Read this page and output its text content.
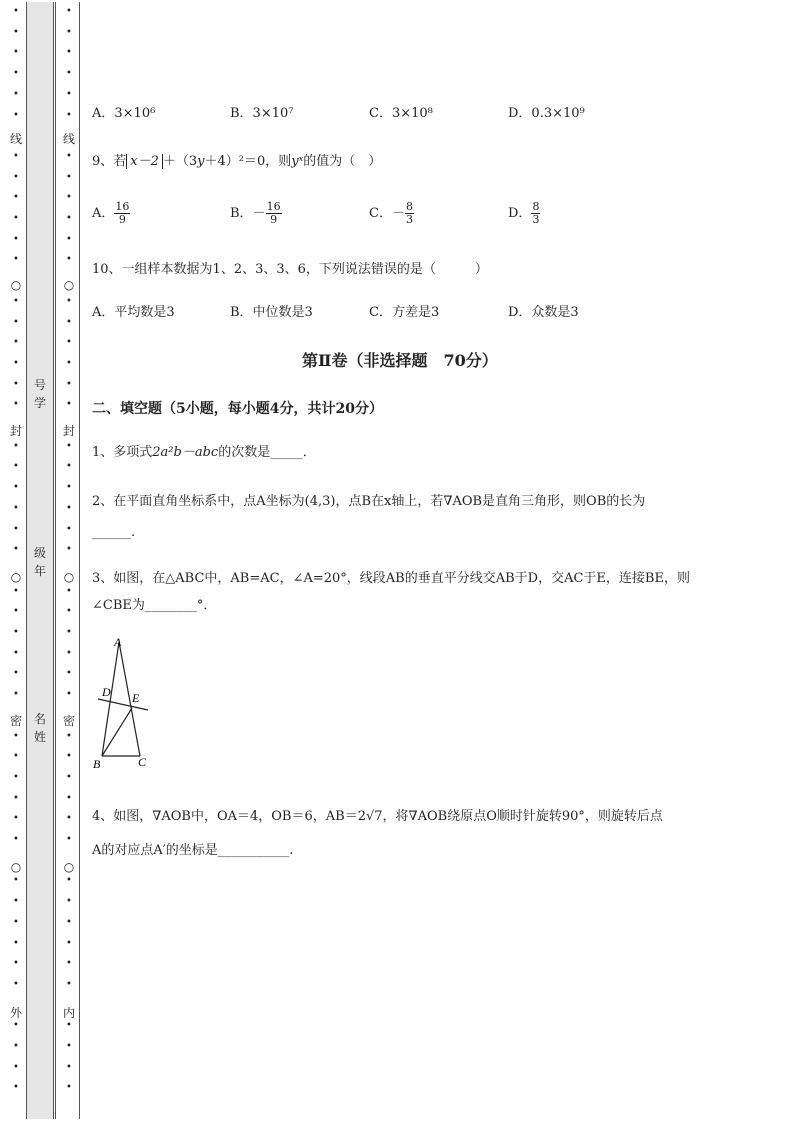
•
•
•
•
•
•
线
•
•
•
•
•
•
○
•
•
•
•
•
•
封
•
•
•
•
•
•
○
•
•
•
•
•
•
密
•
•
•
•
•
•
○
•
•
•
•
•
•
外
•
•
•
•
•
•
•
•
•
•
线
•
•
•
•
•
•
○
•
•
•
•
•
•
封
•
•
•
•
•
•
○
•
•
•
•
•
•
密
•
•
•
•
•
•
○
•
•
•
•
•
•
内
•
•
•
•
号学
级年
名姓
A．3×10⁶	B．3×10⁷	C．3×10⁸	D．0.3×10⁹
9、若 x－2 ＋（3y＋4）²＝0，则yˣ的值为（　）
A． $\frac{16}{9}$	B．－ $\frac{16}{9}$	C．－ $\frac{8}{3}$	D． $\frac{8}{3}$
10、一组样本数据为1、2、3、3、6，下列说法错误的是（　　　）
A．平均数是3	B．中位数是3	C．方差是3	D．众数是3
第Ⅱ卷（非选择题　70分）
二、填空题（5小题，每小题4分，共计20分）
1、多项式2a²b－abc的次数是_____．
2、在平面直角坐标系中，点A坐标为(4,3)，点B在x轴上，若∇AOB是直角三角形，则OB的长为
______.
3、如图，在△ABC中，AB=AC，∠A=20°，线段AB的垂直平分线交AB于D，交AC于E，连接BE，则
∠CBE为________°．
A
B	C
D E
4、如图，∇AOB中，OA＝4，OB＝6，AB＝2√7，将∇AOB绕原点O顺时针旋转90°，则旋转后点
A的对应点A′的坐标是___________.
